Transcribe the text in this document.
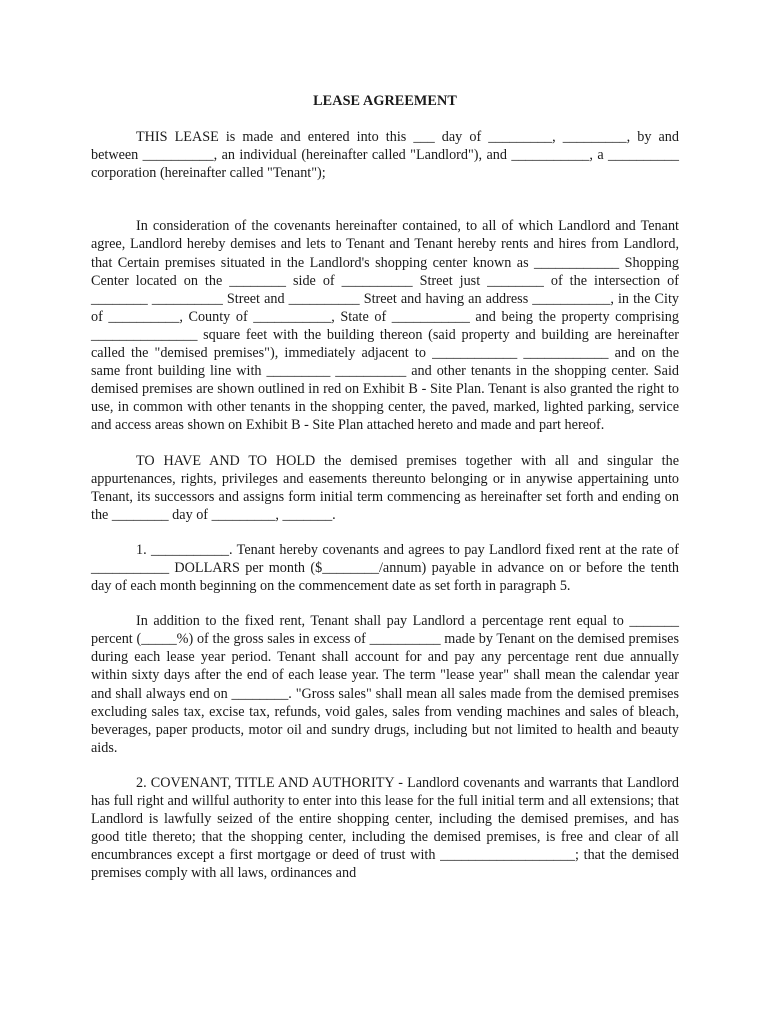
LEASE AGREEMENT

THIS LEASE is made and entered into this ___ day of _________, _________, by and between __________, an individual (hereinafter called "Landlord"), and ___________, a __________ corporation (hereinafter called "Tenant");

In consideration of the covenants hereinafter contained, to all of which Landlord and Tenant agree, Landlord hereby demises and lets to Tenant and Tenant hereby rents and hires from Landlord, that Certain premises situated in the Landlord's shopping center known as ____________ Shopping Center located on the ________ side of __________ Street just ________ of the intersection of ________ __________ Street and __________ Street and having an address ___________, in the City of __________, County of ___________, State of ___________ and being the property comprising _______________ square feet with the building thereon (said property and building are hereinafter called the "demised premises"), immediately adjacent to ____________ ____________ and on the same front building line with _________ __________ and other tenants in the shopping center. Said demised premises are shown outlined in red on Exhibit B - Site Plan. Tenant is also granted the right to use, in common with other tenants in the shopping center, the paved, marked, lighted parking, service and access areas shown on Exhibit B - Site Plan attached hereto and made and part hereof.

TO HAVE AND TO HOLD the demised premises together with all and singular the appurtenances, rights, privileges and easements thereunto belonging or in anywise appertaining unto Tenant, its successors and assigns form initial term commencing as hereinafter set forth and ending on the ________ day of _________, _______.

1. ___________. Tenant hereby covenants and agrees to pay Landlord fixed rent at the rate of ___________ DOLLARS per month ($________/annum) payable in advance on or before the tenth day of each month beginning on the commencement date as set forth in paragraph 5.

In addition to the fixed rent, Tenant shall pay Landlord a percentage rent equal to _______ percent (_____%) of the gross sales in excess of __________ made by Tenant on the demised premises during each lease year period. Tenant shall account for and pay any percentage rent due annually within sixty days after the end of each lease year. The term "lease year" shall mean the calendar year and shall always end on ________. "Gross sales" shall mean all sales made from the demised premises excluding sales tax, excise tax, refunds, void gales, sales from vending machines and sales of bleach, beverages, paper products, motor oil and sundry drugs, including but not limited to health and beauty aids.

2. COVENANT, TITLE AND AUTHORITY - Landlord covenants and warrants that Landlord has full right and willful authority to enter into this lease for the full initial term and all extensions; that Landlord is lawfully seized of the entire shopping center, including the demised premises, and has good title thereto; that the shopping center, including the demised premises, is free and clear of all encumbrances except a first mortgage or deed of trust with ___________________; that the demised premises comply with all laws, ordinances and
